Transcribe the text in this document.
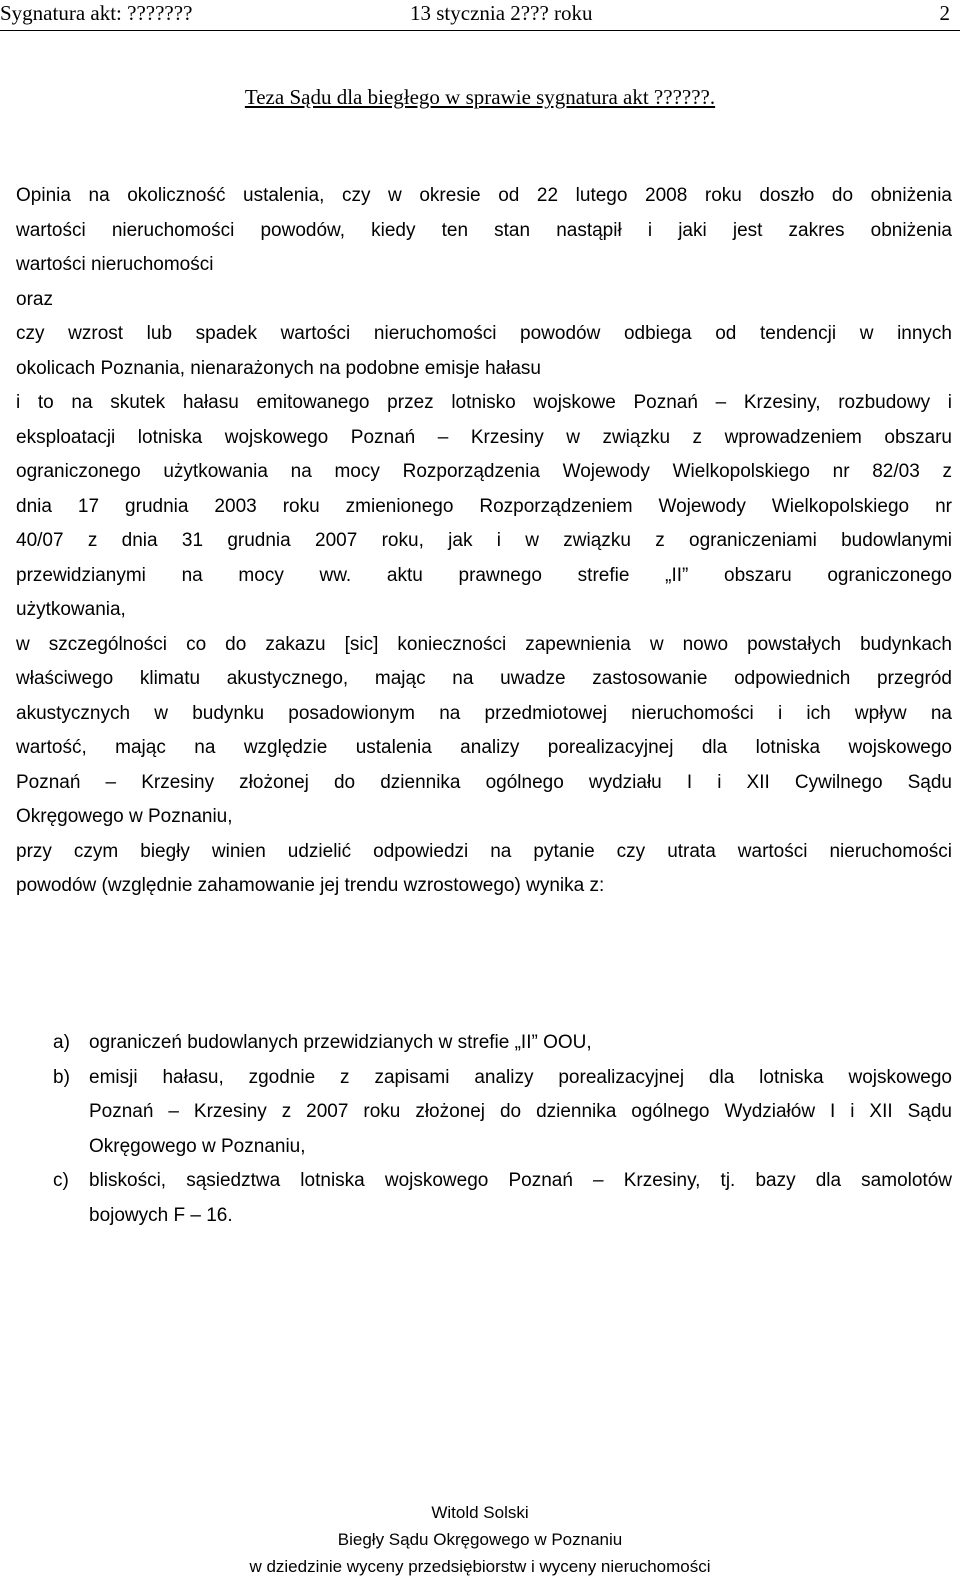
Sygnatura akt: ???????	13 stycznia 2??? roku	2
Teza Sądu dla biegłego w sprawie sygnatura akt ??????.
Opinia na okoliczność ustalenia, czy w okresie od 22 lutego 2008 roku doszło do obniżenia
wartości nieruchomości powodów, kiedy ten stan nastąpił i jaki jest zakres obniżenia
wartości nieruchomości
oraz
czy wzrost lub spadek wartości nieruchomości powodów odbiega od tendencji w innych
okolicach Poznania, nienarażonych na podobne emisje hałasu
i to na skutek hałasu emitowanego przez lotnisko wojskowe Poznań – Krzesiny, rozbudowy i
eksploatacji lotniska wojskowego Poznań – Krzesiny w związku z wprowadzeniem obszaru
ograniczonego użytkowania na mocy Rozporządzenia Wojewody Wielkopolskiego nr 82/03 z
dnia 17 grudnia 2003 roku zmienionego Rozporządzeniem Wojewody Wielkopolskiego nr
40/07 z dnia 31 grudnia 2007 roku, jak i w związku z ograniczeniami budowlanymi
przewidzianymi na mocy ww. aktu prawnego strefie „II” obszaru ograniczonego
użytkowania,
w szczególności co do zakazu [sic] konieczności zapewnienia w nowo powstałych budynkach
właściwego klimatu akustycznego, mając na uwadze zastosowanie odpowiednich przegród
akustycznych w budynku posadowionym na przedmiotowej nieruchomości i ich wpływ na
wartość, mając na względzie ustalenia analizy porealizacyjnej dla lotniska wojskowego
Poznań – Krzesiny złożonej do dziennika ogólnego wydziału I i XII Cywilnego Sądu
Okręgowego w Poznaniu,
przy czym biegły winien udzielić odpowiedzi na pytanie czy utrata wartości nieruchomości
powodów (względnie zahamowanie jej trendu wzrostowego) wynika z:
a) ograniczeń budowlanych przewidzianych w strefie „II” OOU,
b) emisji hałasu, zgodnie z zapisami analizy porealizacyjnej dla lotniska wojskowego
Poznań – Krzesiny z 2007 roku złożonej do dziennika ogólnego Wydziałów I i XII Sądu
Okręgowego w Poznaniu,
c) bliskości, sąsiedztwa lotniska wojskowego Poznań – Krzesiny, tj. bazy dla samolotów
bojowych F – 16.
Witold Solski
Biegły Sądu Okręgowego w Poznaniu
w dziedzinie wyceny przedsiębiorstw i wyceny nieruchomości
